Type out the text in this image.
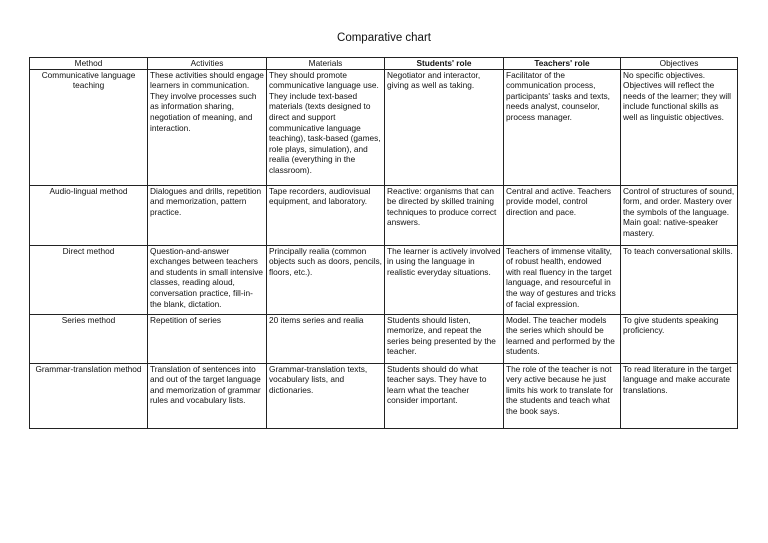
Comparative chart
Method	Activities	Materials	Students' role	Teachers' role	Objectives
Communicative language teaching	These activities should engage learners in communication. They involve processes such as information sharing, negotiation of meaning, and interaction.	They should promote communicative language use. They include text-based materials (texts designed to direct and support communicative language teaching), task-based (games, role plays, simulation), and realia (everything in the classroom).	Negotiator and interactor, giving as well as taking.	Facilitator of the communication process, participants' tasks and texts, needs analyst, counselor, process manager.	No specific objectives. Objectives will reflect the needs of the learner; they will include functional skills as well as linguistic objectives.
Audio-lingual method	Dialogues and drills, repetition and memorization, pattern practice.	Tape recorders, audiovisual equipment, and laboratory.	Reactive: organisms that can be directed by skilled training techniques to produce correct answers.	Central and active. Teachers provide model, control direction and pace.	Control of structures of sound, form, and order. Mastery over the symbols of the language. Main goal: native-speaker mastery.
Direct method	Question-and-answer exchanges between teachers and students in small intensive classes, reading aloud, conversation practice, fill-in-the blank, dictation.	Principally realia (common objects such as doors, pencils, floors, etc.).	The learner is actively involved in using the language in realistic everyday situations.	Teachers of immense vitality, of robust health, endowed with real fluency in the target language, and resourceful in the way of gestures and tricks of facial expression.	To teach conversational skills.
Series method	Repetition of series	20 items series and realia	Students should listen, memorize, and repeat the series being presented by the teacher.	Model. The teacher models the series which should be learned and performed by the students.	To give students speaking proficiency.
Grammar-translation method	Translation of sentences into and out of the target language and memorization of grammar rules and vocabulary lists.	Grammar-translation texts, vocabulary lists, and dictionaries.	Students should do what teacher says. They have to learn what the teacher consider important.	The role of the teacher is not very active because he just limits his work to translate for the students and teach what the book says.	To read literature in the target language and make accurate translations.
